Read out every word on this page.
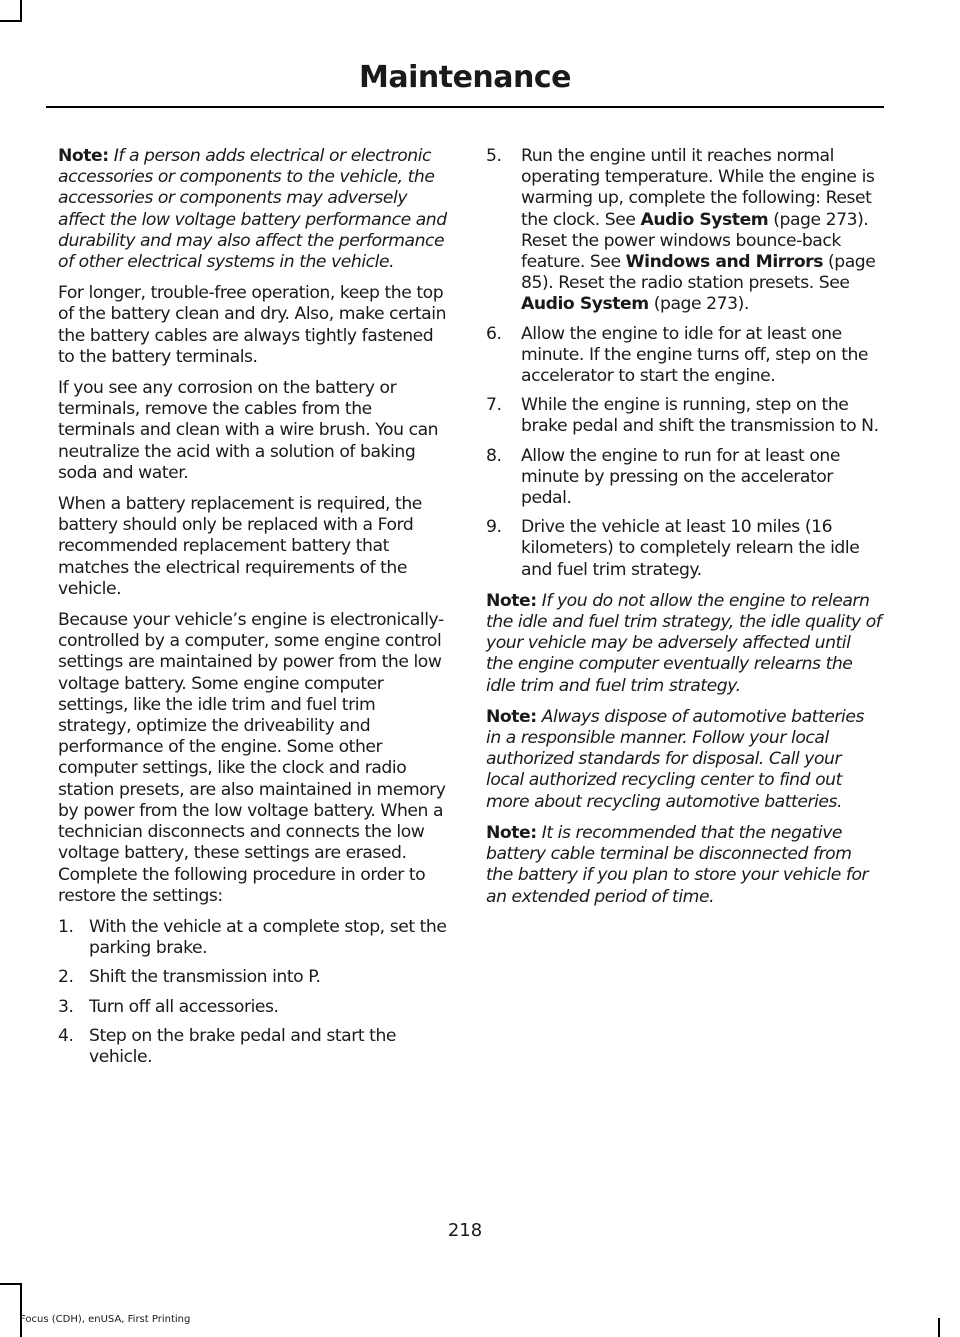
Maintenance

Note: If a person adds electrical or electronic accessories or components to the vehicle, the accessories or components may adversely affect the low voltage battery performance and durability and may also affect the performance of other electrical systems in the vehicle.

For longer, trouble-free operation, keep the top of the battery clean and dry. Also, make certain the battery cables are always tightly fastened to the battery terminals.

If you see any corrosion on the battery or terminals, remove the cables from the terminals and clean with a wire brush. You can neutralize the acid with a solution of baking soda and water.

When a battery replacement is required, the battery should only be replaced with a Ford recommended replacement battery that matches the electrical requirements of the vehicle.

Because your vehicle’s engine is electronically-controlled by a computer, some engine control settings are maintained by power from the low voltage battery. Some engine computer settings, like the idle trim and fuel trim strategy, optimize the driveability and performance of the engine. Some other computer settings, like the clock and radio station presets, are also maintained in memory by power from the low voltage battery. When a technician disconnects and connects the low voltage battery, these settings are erased. Complete the following procedure in order to restore the settings:

1. With the vehicle at a complete stop, set the parking brake.
2. Shift the transmission into P.
3. Turn off all accessories.
4. Step on the brake pedal and start the vehicle.
5. Run the engine until it reaches normal operating temperature. While the engine is warming up, complete the following: Reset the clock. See Audio System (page 273). Reset the power windows bounce-back feature. See Windows and Mirrors (page 85). Reset the radio station presets. See Audio System (page 273).
6. Allow the engine to idle for at least one minute. If the engine turns off, step on the accelerator to start the engine.
7. While the engine is running, step on the brake pedal and shift the transmission to N.
8. Allow the engine to run for at least one minute by pressing on the accelerator pedal.
9. Drive the vehicle at least 10 miles (16 kilometers) to completely relearn the idle and fuel trim strategy.

Note: If you do not allow the engine to relearn the idle and fuel trim strategy, the idle quality of your vehicle may be adversely affected until the engine computer eventually relearns the idle trim and fuel trim strategy.

Note: Always dispose of automotive batteries in a responsible manner. Follow your local authorized standards for disposal. Call your local authorized recycling center to find out more about recycling automotive batteries.

Note: It is recommended that the negative battery cable terminal be disconnected from the battery if you plan to store your vehicle for an extended period of time.

218
Focus (CDH), enUSA, First Printing
